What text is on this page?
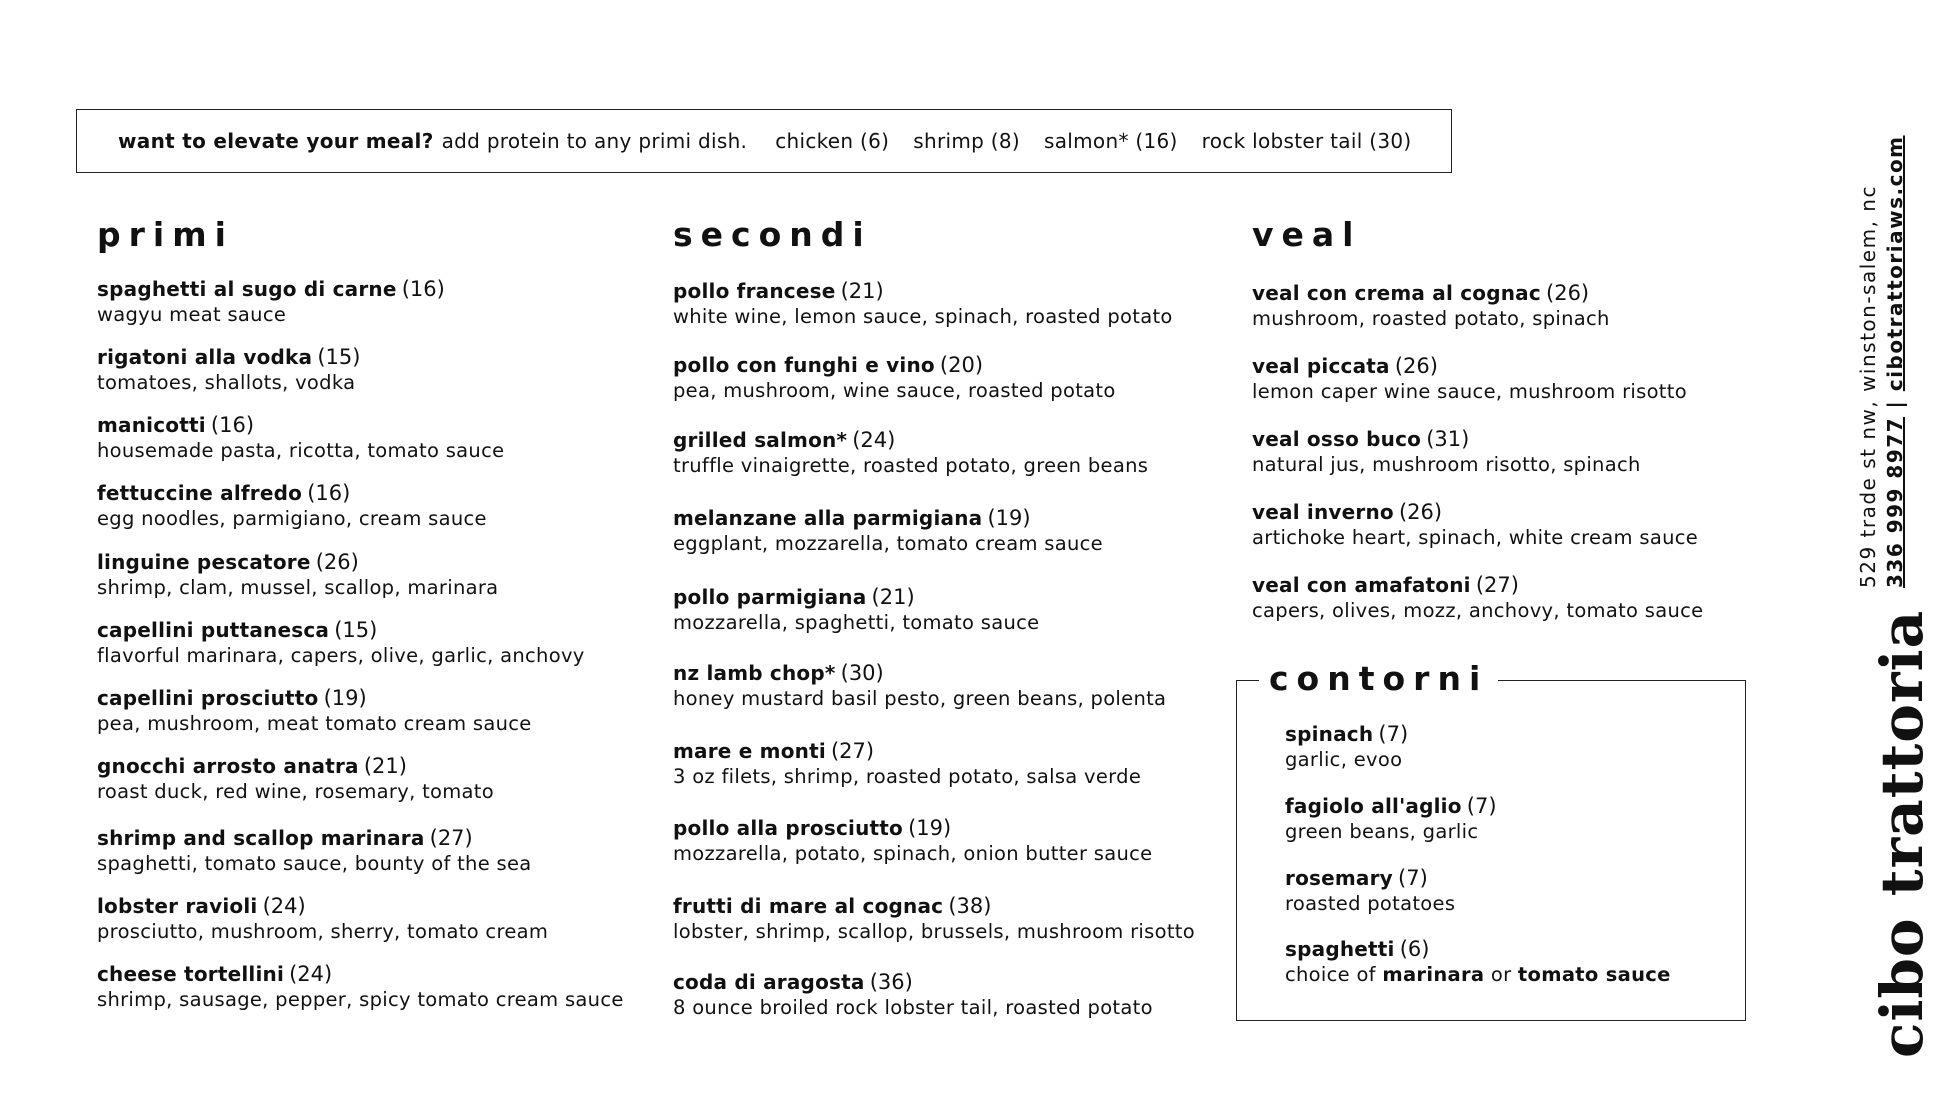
want to elevate your meal? add protein to any primi dish. chicken (6) shrimp (8) salmon* (16) rock lobster tail (30)
primi
spaghetti al sugo di carne (16)
wagyu meat sauce
rigatoni alla vodka (15)
tomatoes, shallots, vodka
manicotti (16)
housemade pasta, ricotta, tomato sauce
fettuccine alfredo (16)
egg noodles, parmigiano, cream sauce
linguine pescatore (26)
shrimp, clam, mussel, scallop, marinara
capellini puttanesca (15)
flavorful marinara, capers, olive, garlic, anchovy
capellini prosciutto (19)
pea, mushroom, meat tomato cream sauce
gnocchi arrosto anatra (21)
roast duck, red wine, rosemary, tomato
shrimp and scallop marinara (27)
spaghetti, tomato sauce, bounty of the sea
lobster ravioli (24)
prosciutto, mushroom, sherry, tomato cream
cheese tortellini (24)
shrimp, sausage, pepper, spicy tomato cream sauce
secondi
pollo francese (21)
white wine, lemon sauce, spinach, roasted potato
pollo con funghi e vino (20)
pea, mushroom, wine sauce, roasted potato
grilled salmon* (24)
truffle vinaigrette, roasted potato, green beans
melanzane alla parmigiana (19)
eggplant, mozzarella, tomato cream sauce
pollo parmigiana (21)
mozzarella, spaghetti, tomato sauce
nz lamb chop* (30)
honey mustard basil pesto, green beans, polenta
mare e monti (27)
3 oz filets, shrimp, roasted potato, salsa verde
pollo alla prosciutto (19)
mozzarella, potato, spinach, onion butter sauce
frutti di mare al cognac (38)
lobster, shrimp, scallop, brussels, mushroom risotto
coda di aragosta (36)
8 ounce broiled rock lobster tail, roasted potato
veal
veal con crema al cognac (26)
mushroom, roasted potato, spinach
veal piccata (26)
lemon caper wine sauce, mushroom risotto
veal osso buco (31)
natural jus, mushroom risotto, spinach
veal inverno (26)
artichoke heart, spinach, white cream sauce
veal con amafatoni (27)
capers, olives, mozz, anchovy, tomato sauce
contorni
spinach (7)
garlic, evoo
fagiolo all'aglio (7)
green beans, garlic
rosemary (7)
roasted potatoes
spaghetti (6)
choice of marinara or tomato sauce	cibo trattoria
529 trade st nw, winston-salem, nc 336 999 8977 | cibotrattoriaws.com
